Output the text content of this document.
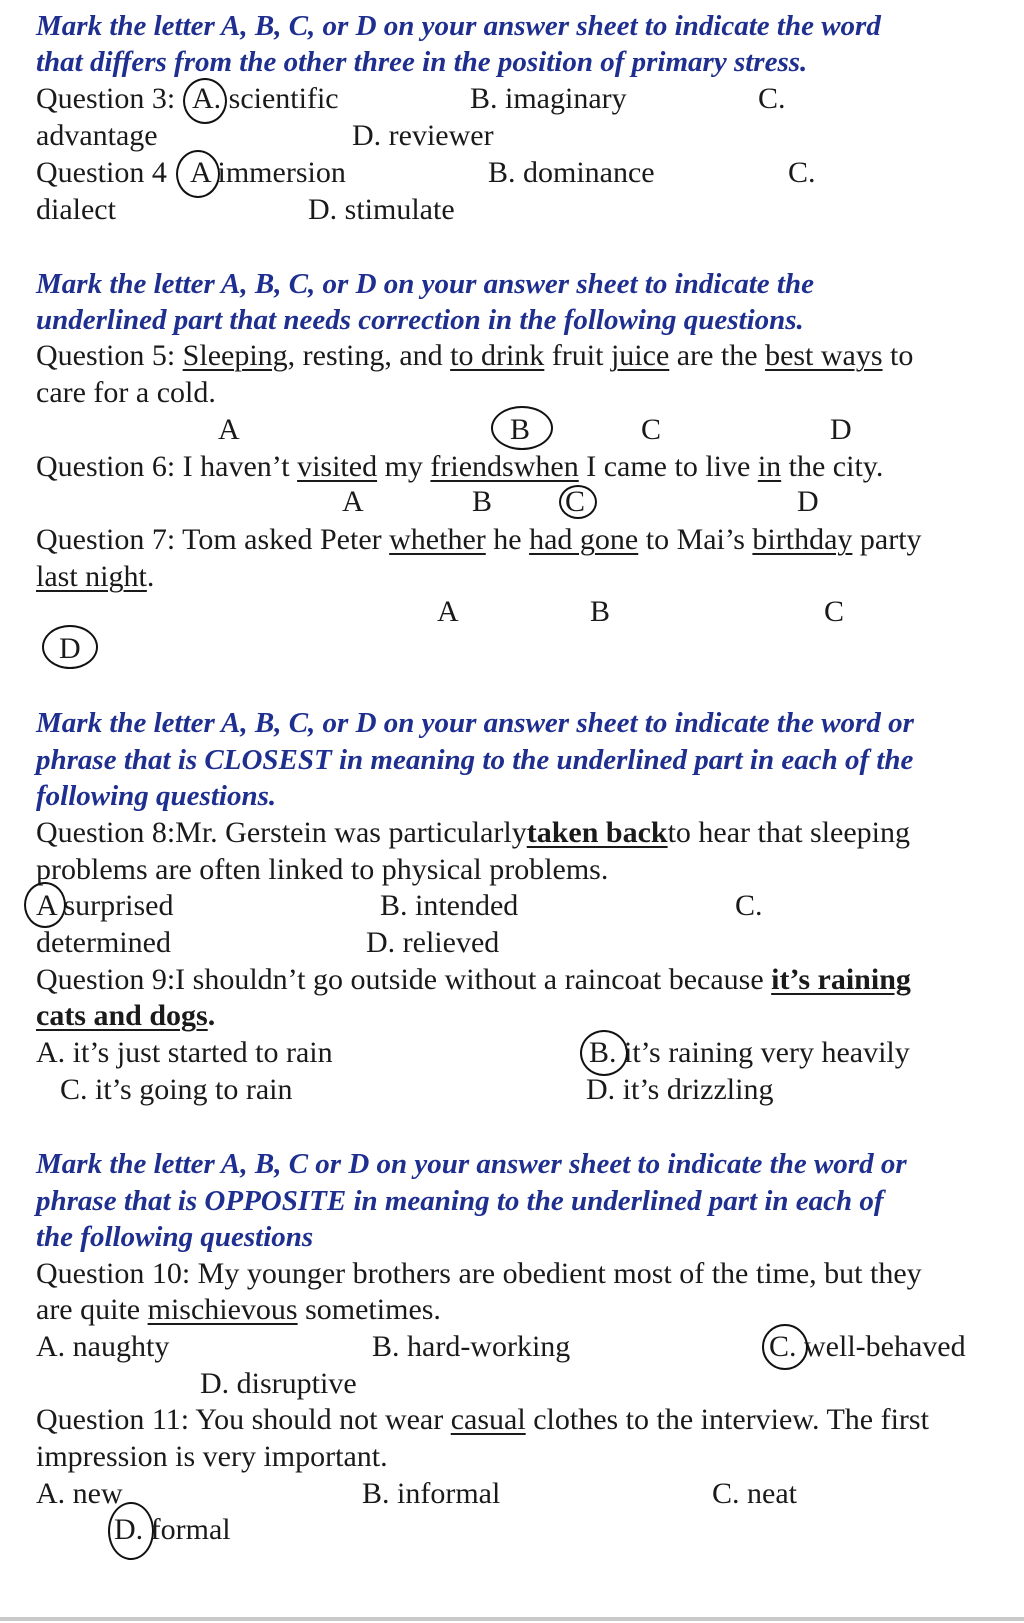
Mark the letter A, B, C, or D on your answer sheet to indicate the word
that differs from the other three in the position of primary stress.
Question 3: A. scientific	B. imaginary	C.
advantage	D. reviewer
Question 4 A immersion	B. dominance	C.
dialect	D. stimulate
Mark the letter A, B, C, or D on your answer sheet to indicate the
underlined part that needs correction in the following questions.
Question 5: Sleeping, resting, and to drink fruit juice are the best ways to
care for a cold.
A	B	C	D
Question 6: I haven’t visited my friendswhen I came to live in the city.
A	B C	D
Question 7: Tom asked Peter whether he had gone to Mai’s birthday party
last night.
A	B	C
D
Mark the letter A, B, C, or D on your answer sheet to indicate the word or
phrase that is CLOSEST in meaning to the underlined part in each of the
following questions.
Question 8:Mr. Gerstein was particularlytaken backto hear that sleeping
problems are often linked to physical problems.
A surprised	B. intended	C.
determined	D. relieved
Question 9:I shouldn’t go outside without a raincoat because it’s raining
cats and dogs.
A. it’s just started to rain	B. it’s raining very heavily
C. it’s going to rain	D. it’s drizzling
Mark the letter A, B, C or D on your answer sheet to indicate the word or
phrase that is OPPOSITE in meaning to the underlined part in each of
the following questions
Question 10: My younger brothers are obedient most of the time, but they
are quite mischievous sometimes.
A. naughty	B. hard-working	C. well-behaved
D. disruptive
Question 11: You should not wear casual clothes to the interview. The first
impression is very important.
A. new	B. informal	C. neat
D. formal
